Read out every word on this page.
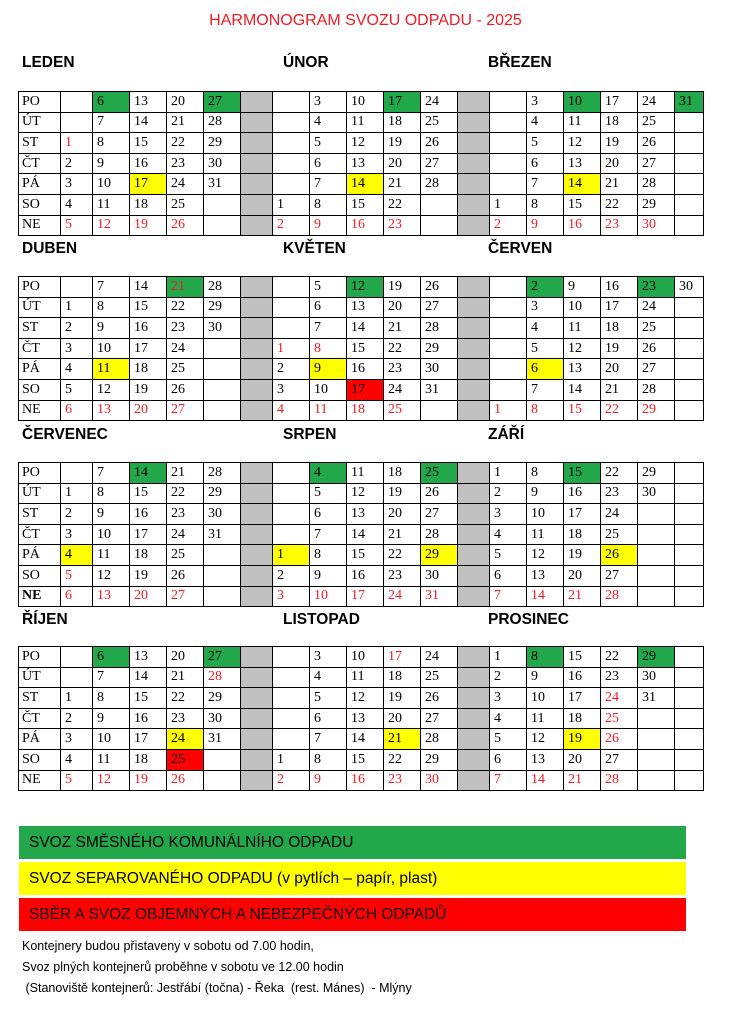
HARMONOGRAM SVOZU ODPADU - 2025
LEDEN	ÚNOR	BŘEZEN
PO		6	13	20	27			3	10	17	24			3	10	17	24	31
ÚT		7	14	21	28			4	11	18	25			4	11	18	25	
ST	1	8	15	22	29			5	12	19	26			5	12	19	26	
ČT	2	9	16	23	30			6	13	20	27			6	13	20	27	
PÁ	3	10	17	24	31			7	14	21	28			7	14	21	28	
SO	4	11	18	25			1	8	15	22			1	8	15	22	29	
NE	5	12	19	26			2	9	16	23			2	9	16	23	30	
DUBEN	KVĚTEN	ČERVEN
PO		7	14	21	28			5	12	19	26			2	9	16	23	30
ÚT	1	8	15	22	29			6	13	20	27			3	10	17	24	
ST	2	9	16	23	30			7	14	21	28			4	11	18	25	
ČT	3	10	17	24			1	8	15	22	29			5	12	19	26	
PÁ	4	11	18	25			2	9	16	23	30			6	13	20	27	
SO	5	12	19	26			3	10	17	24	31			7	14	21	28	
NE	6	13	20	27			4	11	18	25			1	8	15	22	29	
ČERVENEC	SRPEN	ZÁŘÍ
PO		7	14	21	28			4	11	18	25		1	8	15	22	29	
ÚT	1	8	15	22	29			5	12	19	26		2	9	16	23	30	
ST	2	9	16	23	30			6	13	20	27		3	10	17	24		
ČT	3	10	17	24	31			7	14	21	28		4	11	18	25		
PÁ	4	11	18	25			1	8	15	22	29		5	12	19	26		
SO	5	12	19	26			2	9	16	23	30		6	13	20	27		
NE	6	13	20	27			3	10	17	24	31		7	14	21	28		
ŘÍJEN	LISTOPAD	PROSINEC
PO		6	13	20	27			3	10	17	24		1	8	15	22	29	
ÚT		7	14	21	28			4	11	18	25		2	9	16	23	30	
ST	1	8	15	22	29			5	12	19	26		3	10	17	24	31	
ČT	2	9	16	23	30			6	13	20	27		4	11	18	25		
PÁ	3	10	17	24	31			7	14	21	28		5	12	19	26		
SO	4	11	18	25			1	8	15	22	29		6	13	20	27		
NE	5	12	19	26			2	9	16	23	30		7	14	21	28		
SVOZ SMĚSNÉHO KOMUNÁLNÍHO ODPADU
SVOZ SEPAROVANÉHO ODPADU (v pytlích – papír, plast)
SBĚR A SVOZ OBJEMNÝCH A NEBEZPEČNÝCH ODPADŮ
Kontejnery budou přistaveny v sobotu od 7.00 hodin,
Svoz plných kontejnerů proběhne v sobotu ve 12.00 hodin
(Stanoviště kontejnerů: Jestřábí (točna) - Řeka  (rest. Mánes)  - Mlýny
